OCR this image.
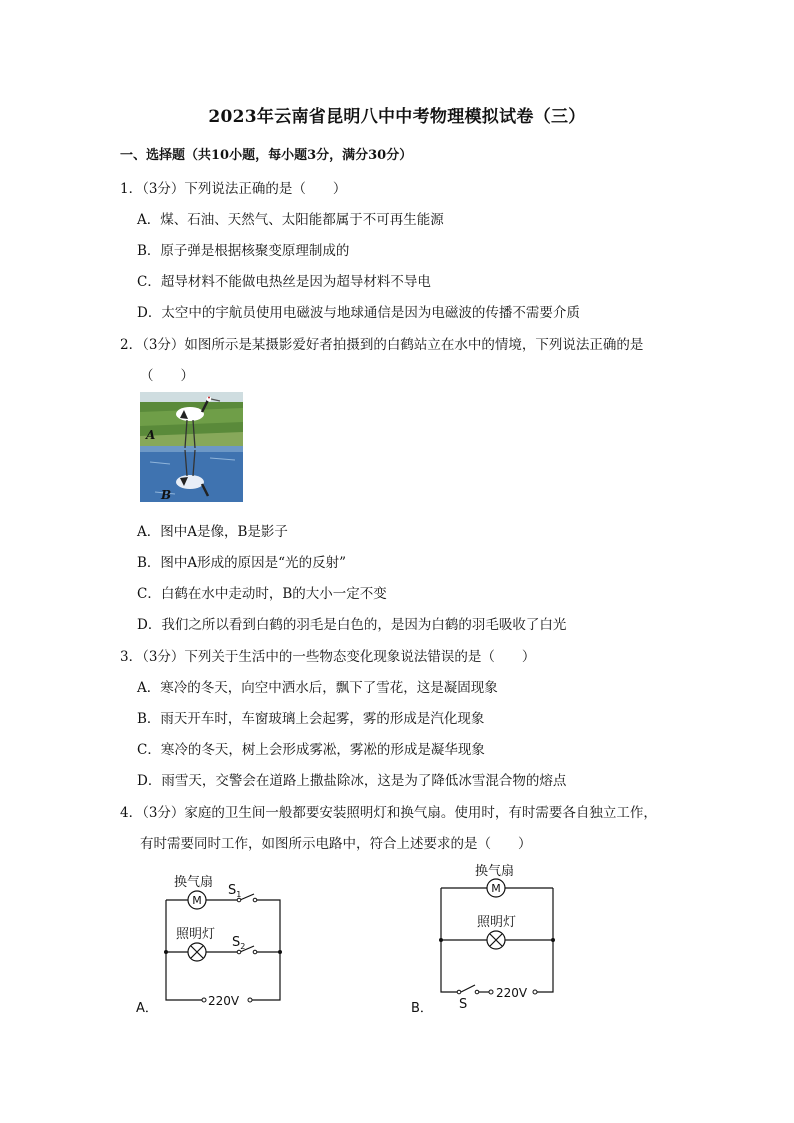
2023年云南省昆明八中中考物理模拟试卷（三）
一、选择题（共10小题，每小题3分，满分30分）
1．（3分）下列说法正确的是（　　）
A．煤、石油、天然气、太阳能都属于不可再生能源
B．原子弹是根据核聚变原理制成的
C．超导材料不能做电热丝是因为超导材料不导电
D．太空中的宇航员使用电磁波与地球通信是因为电磁波的传播不需要介质
2．（3分）如图所示是某摄影爱好者拍摄到的白鹤站立在水中的情境，下列说法正确的是
（　　）
A
B
A．图中A是像，B是影子
B．图中A形成的原因是“光的反射”
C．白鹤在水中走动时，B的大小一定不变
D．我们之所以看到白鹤的羽毛是白色的，是因为白鹤的羽毛吸收了白光
3．（3分）下列关于生活中的一些物态变化现象说法错误的是（　　）
A．寒冷的冬天，向空中洒水后，飘下了雪花，这是凝固现象
B．雨天开车时，车窗玻璃上会起雾，雾的形成是汽化现象
C．寒冷的冬天，树上会形成雾凇，雾凇的形成是凝华现象
D．雨雪天，交警会在道路上撒盐除冰，这是为了降低冰雪混合物的熔点
4．（3分）家庭的卫生间一般都要安装照明灯和换气扇。使用时，有时需要各自独立工作，
有时需要同时工作，如图所示电路中，符合上述要求的是（　　）
M
换气扇
照明灯
$S_1$
$S_2$
220V
A．
M
换气扇
照明灯
S
220V
B．
